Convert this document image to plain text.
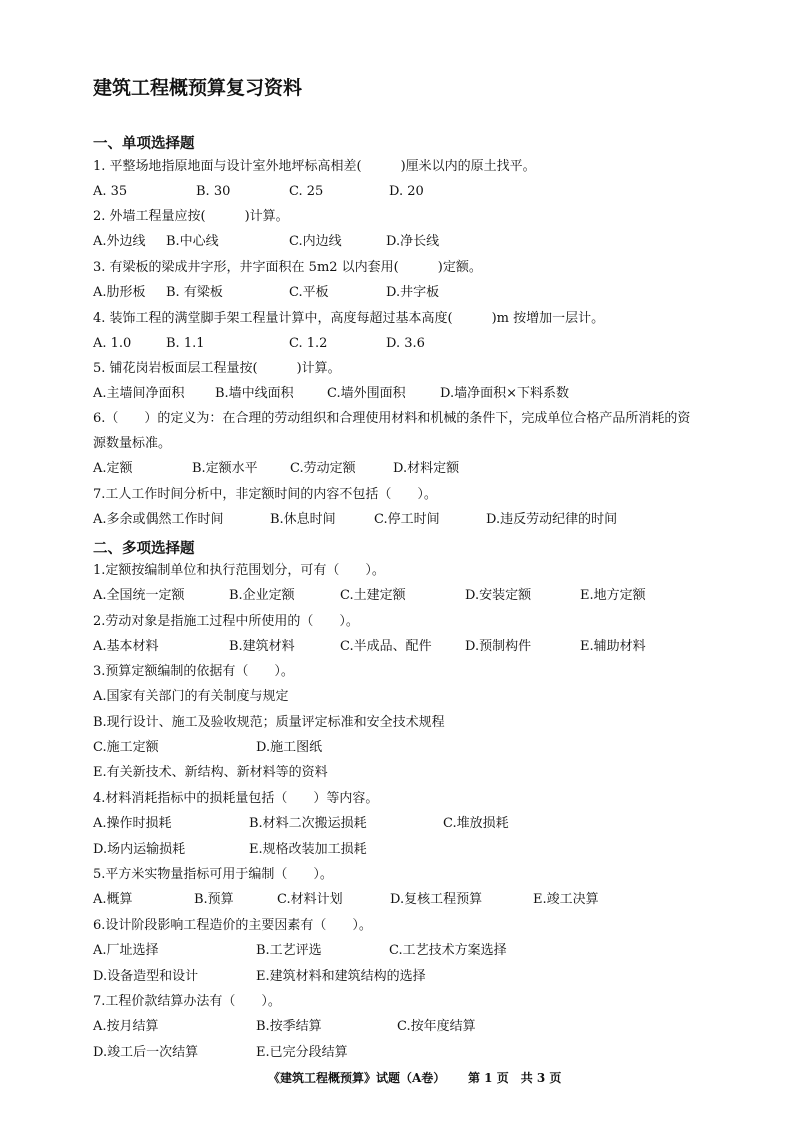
建筑工程概预算复习资料
《建筑工程概预算》试题（A卷） 第 1 页　共 3 页
一、单项选择题
1. 平整场地指原地面与设计室外地坪标高相差(　　　)厘米以内的原土找平。
A. 35	B. 30	C. 25	D. 20
2. 外墙工程量应按(　　　)计算。
A.外边线 B.中心线	C.内边线	D.净长线
3. 有梁板的梁成井字形，井字面积在 5m2 以内套用(　　　)定额。
A.肋形板 B. 有梁板	C.平板	D.井字板
4. 装饰工程的满堂脚手架工程量计算中，高度每超过基本高度(　　　)m 按增加一层计。
A. 1.0	B. 1.1	C. 1.2	D. 3.6
5. 铺花岗岩板面层工程量按(　　　)计算。
A.主墙间净面积 B.墙中线面积	C.墙外围面积	D.墙净面积×下料系数
6.（　　）的定义为：在合理的劳动组织和合理使用材料和机械的条件下，完成单位合格产品所消耗的资
源数量标准。
A.定额	B.定额水平 C.劳动定额	D.材料定额
7.工人工作时间分析中，非定额时间的内容不包括（　　）。
A.多余或偶然工作时间	B.休息时间	C.停工时间	D.违反劳动纪律的时间
二、多项选择题
1.定额按编制单位和执行范围划分，可有（　　）。
A.全国统一定额	B.企业定额	C.土建定额	D.安装定额	E.地方定额
2.劳动对象是指施工过程中所使用的（　　）。
A.基本材料	B.建筑材料	C.半成品、配件	D.预制构件	E.辅助材料
3.预算定额编制的依据有（　　）。
A.国家有关部门的有关制度与规定
B.现行设计、施工及验收规范；质量评定标准和安全技术规程
C.施工定额	D.施工图纸
E.有关新技术、新结构、新材料等的资料
4.材料消耗指标中的损耗量包括（　　）等内容。
A.操作时损耗	B.材料二次搬运损耗	C.堆放损耗
D.场内运输损耗	E.规格改装加工损耗
5.平方米实物量指标可用于编制（　　）。
A.概算	B.预算	C.材料计划	D.复核工程预算	E.竣工决算
6.设计阶段影响工程造价的主要因素有（　　）。
A.厂址选择	B.工艺评选	C.工艺技术方案选择
D.设备造型和设计	E.建筑材料和建筑结构的选择
7.工程价款结算办法有（　　）。
A.按月结算	B.按季结算	C.按年度结算
D.竣工后一次结算	E.已完分段结算
